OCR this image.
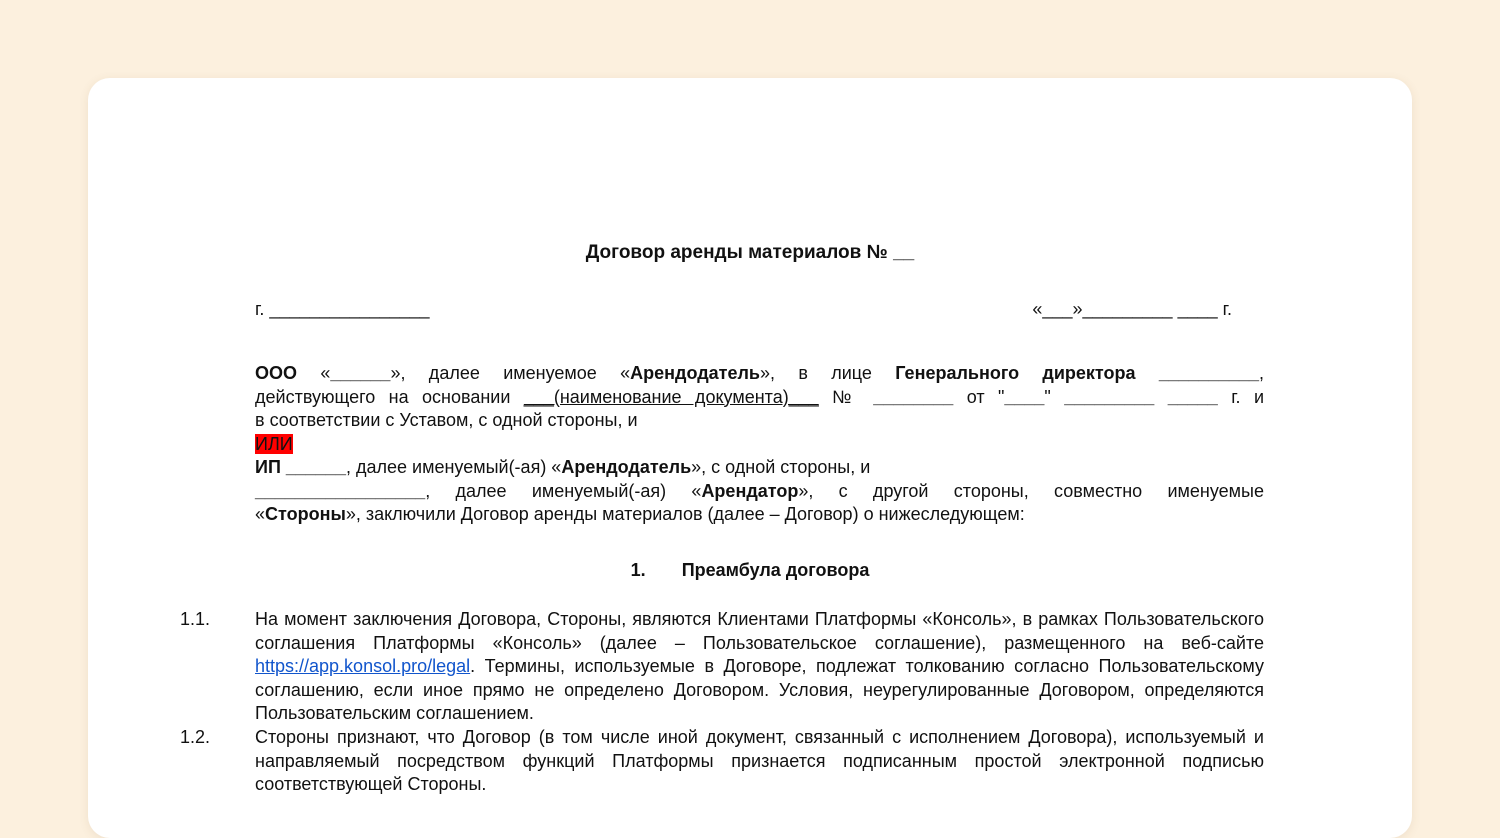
Договор аренды материалов № __
г. ________________	«___»_________ ____ г.
ООО «______», далее именуемое «Арендодатель», в лице Генерального директора __________,
действующего на основании ___(наименование документа)___ № ________ от "____" _________ _____ г. и
в соответствии с Уставом, с одной стороны, и
ИЛИ
ИП ______, далее именуемый(-ая) «Арендодатель», с одной стороны, и
_________________, далее именуемый(-ая) «Арендатор», с другой стороны, совместно именуемые
«Стороны», заключили Договор аренды материалов (далее – Договор) о нижеследующем:
1. Преамбула договора
1.1. На момент заключения Договора, Стороны, являются Клиентами Платформы «Консоль», в рамках Пользовательского соглашения Платформы «Консоль» (далее – Пользовательское соглашение), размещенного на веб-сайте https://app.konsol.pro/legal. Термины, используемые в Договоре, подлежат толкованию согласно Пользовательскому соглашению, если иное прямо не определено Договором. Условия, неурегулированные Договором, определяются Пользовательским соглашением.
1.2. Стороны признают, что Договор (в том числе иной документ, связанный с исполнением Договора), используемый и направляемый посредством функций Платформы признается подписанным простой электронной подписью соответствующей Стороны.
